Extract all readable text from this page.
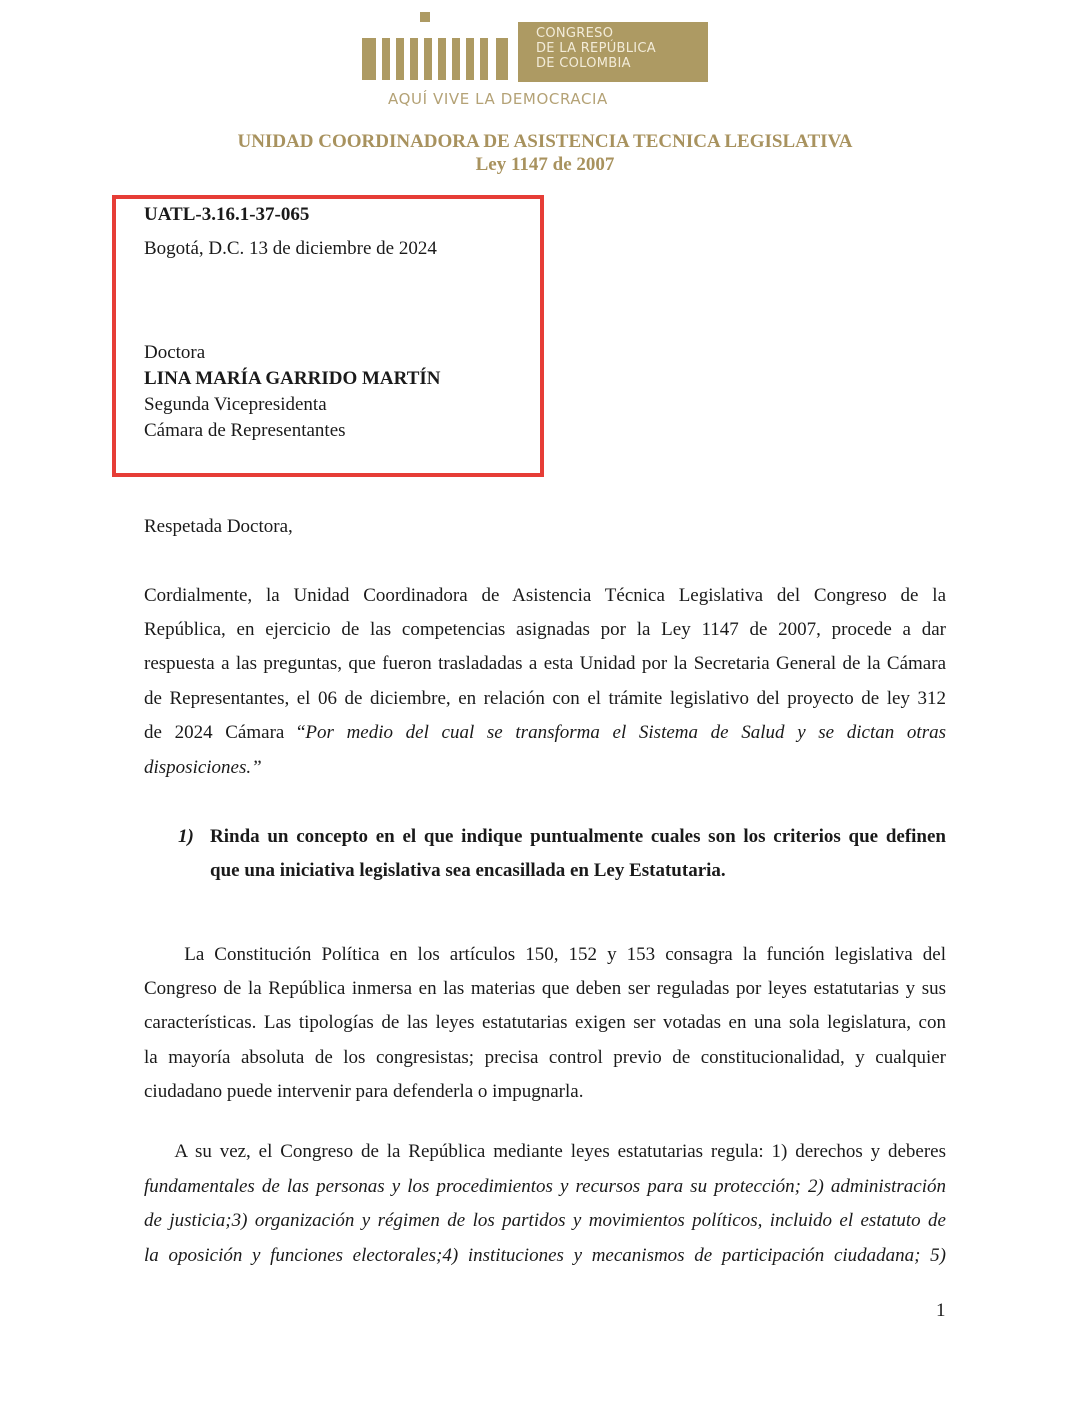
CONGRESO
DE LA REPÚBLICA
DE COLOMBIA
AQUÍ VIVE LA DEMOCRACIA
UNIDAD COORDINADORA DE ASISTENCIA TECNICA LEGISLATIVA
Ley 1147 de 2007
UATL-3.16.1-37-065
Bogotá, D.C. 13 de diciembre de 2024
Doctora
LINA MARÍA GARRIDO MARTÍN
Segunda Vicepresidenta
Cámara de Representantes
Respetada Doctora,
Cordialmente, la Unidad Coordinadora de Asistencia Técnica Legislativa del Congreso de la
República, en ejercicio de las competencias asignadas por la Ley 1147 de 2007, procede a dar
respuesta a las preguntas, que fueron trasladadas a esta Unidad por la Secretaria General de la Cámara
de Representantes, el 06 de diciembre, en relación con el trámite legislativo del proyecto de ley 312
de 2024 Cámara “Por medio del cual se transforma el Sistema de Salud y se dictan otras
disposiciones.”
1) Rinda un concepto en el que indique puntualmente cuales son los criterios que definen
que una iniciativa legislativa sea encasillada en Ley Estatutaria.

La Constitución Política en los artículos 150, 152 y 153 consagra la función legislativa del

Congreso de la República inmersa en las materias que deben ser reguladas por leyes estatutarias y sus

características. Las tipologías de las leyes estatutarias exigen ser votadas en una sola legislatura, con

la mayoría absoluta de los congresistas; precisa control previo de constitucionalidad, y cualquier

ciudadano puede intervenir para defenderla o impugnarla.

A su vez, el Congreso de la República mediante leyes estatutarias regula: 1) derechos y deberes
fundamentales de las personas y los procedimientos y recursos para su protección; 2) administración
de justicia;3) organización y régimen de los partidos y movimientos políticos, incluido el estatuto de
la oposición y funciones electorales;4) instituciones y mecanismos de participación ciudadana; 5)
1
